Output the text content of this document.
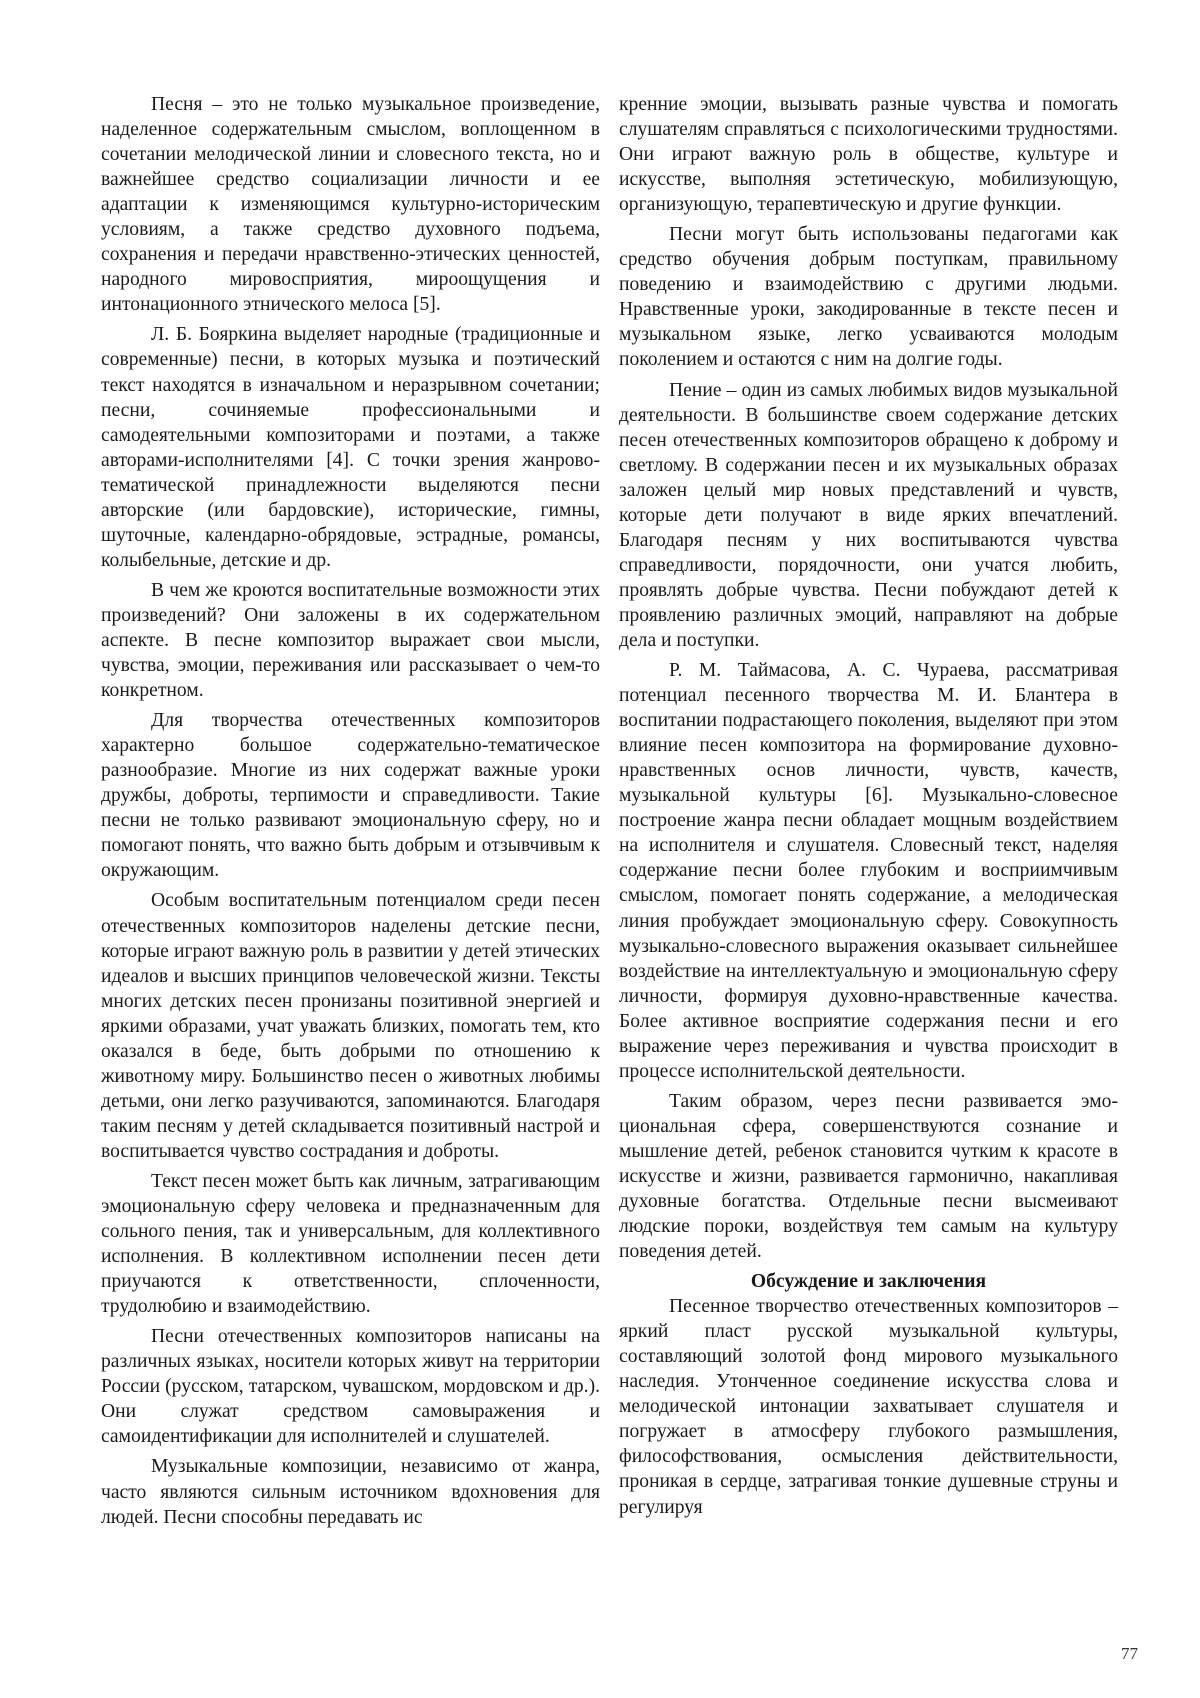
Песня – это не только музыкальное произведение, наделенное содержательным смыслом, воплощенном в сочетании мелодической линии и словесного текста, но и важнейшее средство социализации личности и ее адаптации к изменяющимся культурно-историческим условиям, а также средство духовного подъема, сохранения и передачи нравственно-этических ценностей, народного мировосприятия, мироощущения и интонационного этнического мелоса [5].

Л. Б. Бояркина выделяет народные (традиционные и современные) песни, в которых музыка и поэтический текст находятся в изначальном и неразрывном сочетании; песни, сочиняемые профессиональными и самодеятельными композиторами и поэтами, а также авторами-исполнителями [4]. С точки зрения жанрово-тематической принадлежности выделяются песни авторские (или бардовские), исторические, гимны, шуточные, календарно-обрядовые, эстрадные, романсы, колыбельные, детские и др.

В чем же кроются воспитательные возможности этих произведений? Они заложены в их содержательном аспекте. В песне композитор выражает свои мысли, чувства, эмоции, переживания или рассказывает о чем-то конкретном.

Для творчества отечественных композиторов характерно большое содержательно-тематическое разнообразие. Многие из них содержат важные уроки дружбы, доброты, терпимости и справедливости. Такие песни не только развивают эмоциональную сферу, но и помогают понять, что важно быть добрым и отзывчивым к окружающим.

Особым воспитательным потенциалом среди песен отечественных композиторов наделены детские песни, которые играют важную роль в развитии у детей этических идеалов и высших принципов человеческой жизни. Тексты многих детских песен пронизаны позитивной энергией и яркими образами, учат уважать близких, помогать тем, кто оказался в беде, быть добрыми по отношению к животному миру. Большинство песен о животных любимы детьми, они легко разучиваются, запоминаются. Благодаря таким песням у детей складывается позитивный настрой и воспитывается чувство сострадания и доброты.

Текст песен может быть как личным, затрагивающим эмоциональную сферу человека и предназначенным для сольного пения, так и универсальным, для коллективного исполнения. В коллективном исполнении песен дети приучаются к ответственности, сплоченности, трудолюбию и взаимодействию.

Песни отечественных композиторов написаны на различных языках, носители которых живут на территории России (русском, татарском, чувашском, мордовском и др.). Они служат средством самовыражения и самоидентификации для исполнителей и слушателей.

Музыкальные композиции, независимо от жанра, часто являются сильным источником вдохновения для людей. Песни способны передавать ис

кренние эмоции, вызывать разные чувства и помогать слушателям справляться с психологическими трудностями. Они играют важную роль в обществе, культуре и искусстве, выполняя эстетическую, мобилизующую, организующую, терапевтическую и другие функции.

Песни могут быть использованы педагогами как средство обучения добрым поступкам, правильному поведению и взаимодействию с другими людьми. Нравственные уроки, закодированные в тексте песен и музыкальном языке, легко усваиваются молодым поколением и остаются с ним на долгие годы.

Пение – один из самых любимых видов музыкальной деятельности. В большинстве своем содержание детских песен отечественных композиторов обращено к доброму и светлому. В содержании песен и их музыкальных образах заложен целый мир новых представлений и чувств, которые дети получают в виде ярких впечатлений. Благодаря песням у них воспитываются чувства справедливости, порядочности, они учатся любить, проявлять добрые чувства. Песни побуждают детей к проявлению различных эмоций, направляют на добрые дела и поступки.

Р. М. Таймасова, А. С. Чураева, рассматривая потенциал песенного творчества М. И. Блантера в воспитании подрастающего поколения, выделяют при этом влияние песен композитора на формирование духовно-нравственных основ личности, чувств, качеств, музыкальной культуры [6]. Музыкально-словесное построение жанра песни обладает мощным воздействием на исполнителя и слушателя. Словесный текст, наделяя содержание песни более глубоким и восприимчивым смыслом, помогает понять содержание, а мелодическая линия пробуждает эмоциональную сферу. Совокупность музыкально-словесного выражения оказывает сильнейшее воздействие на интеллектуальную и эмоциональную сферу личности, формируя духовно-нравственные качества. Более активное восприятие содержания песни и его выражение через переживания и чувства происходит в процессе исполнительской деятельности.

Таким образом, через песни развивается эмоциональная сфера, совершенствуются сознание и мышление детей, ребенок становится чутким к красоте в искусстве и жизни, развивается гармонично, накапливая духовные богатства. Отдельные песни высмеивают людские пороки, воздействуя тем самым на культуру поведения детей.

Обсуждение и заключения

Песенное творчество отечественных композиторов – яркий пласт русской музыкальной культуры, составляющий золотой фонд мирового музыкального наследия. Утонченное соединение искусства слова и мелодической интонации захватывает слушателя и погружает в атмосферу глубокого размышления, философствования, осмысления действительности, проникая в сердце, затрагивая тонкие душевные струны и регулируя

77
